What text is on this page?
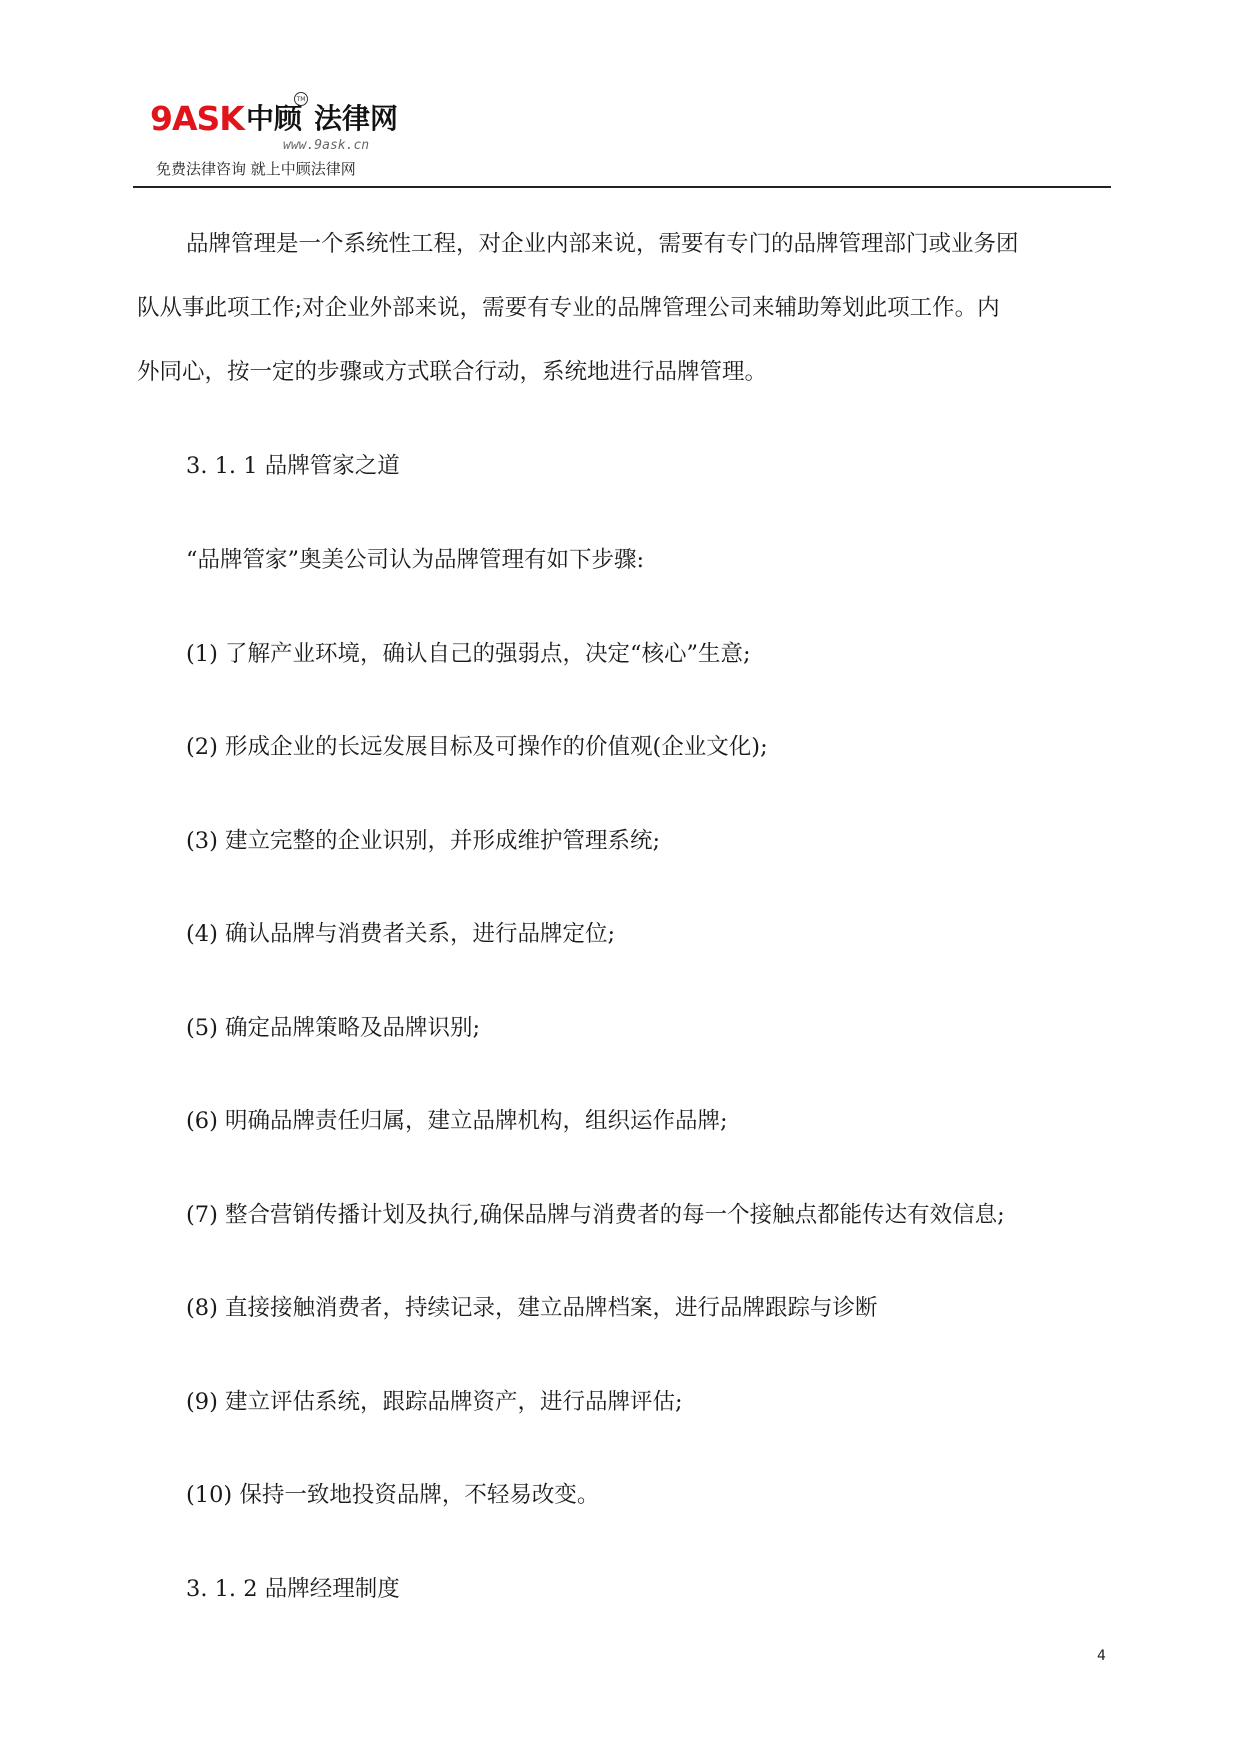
9ASK 中顾 法律网
TM
www.9ask.cn
免费法律咨询 就上中顾法律网
品牌管理是一个系统性工程，对企业内部来说，需要有专门的品牌管理部门或业务团
队从事此项工作;对企业外部来说，需要有专业的品牌管理公司来辅助筹划此项工作。内
外同心，按一定的步骤或方式联合行动，系统地进行品牌管理。
3. 1. 1 品牌管家之道
“品牌管家”奥美公司认为品牌管理有如下步骤:
(1) 了解产业环境，确认自己的强弱点，决定“核心”生意;
(2) 形成企业的长远发展目标及可操作的价值观(企业文化);
(3) 建立完整的企业识别，并形成维护管理系统;
(4) 确认品牌与消费者关系，进行品牌定位;
(5) 确定品牌策略及品牌识别;
(6) 明确品牌责任归属，建立品牌机构，组织运作品牌;
(7) 整合营销传播计划及执行,确保品牌与消费者的每一个接触点都能传达有效信息;
(8) 直接接触消费者，持续记录，建立品牌档案，进行品牌跟踪与诊断
(9) 建立评估系统，跟踪品牌资产，进行品牌评估;
(10) 保持一致地投资品牌，不轻易改变。
3. 1. 2 品牌经理制度
4
